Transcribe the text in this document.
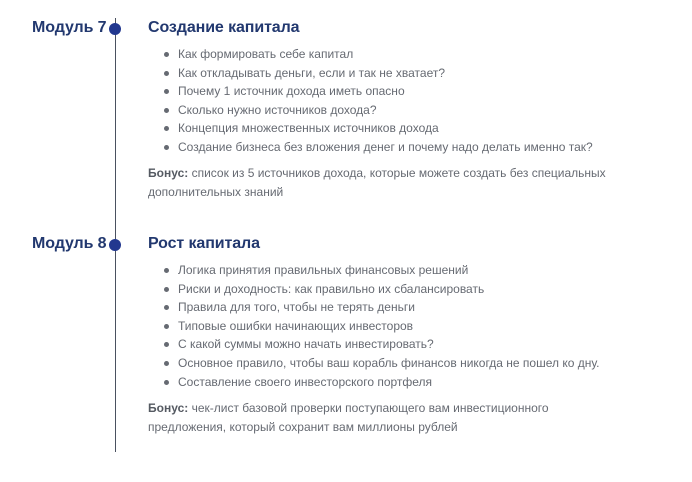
Модуль 7	Создание капитала
Как формировать себе капитал
Как откладывать деньги, если и так не хватает?
Почему 1 источник дохода иметь опасно
Сколько нужно источников дохода?
Концепция множественных источников дохода
Создание бизнеса без вложения денег и почему надо делать именно так?
Бонус: список из 5 источников дохода, которые можете создать без специальных дополнительных знаний
Модуль 8	Рост капитала
Логика принятия правильных финансовых решений
Риски и доходность: как правильно их сбалансировать
Правила для того, чтобы не терять деньги
Типовые ошибки начинающих инвесторов
С какой суммы можно начать инвестировать?
Основное правило, чтобы ваш корабль финансов никогда не пошел ко дну.
Составление своего инвесторского портфеля
Бонус: чек-лист базовой проверки поступающего вам инвестиционного предложения, который сохранит вам миллионы рублей
